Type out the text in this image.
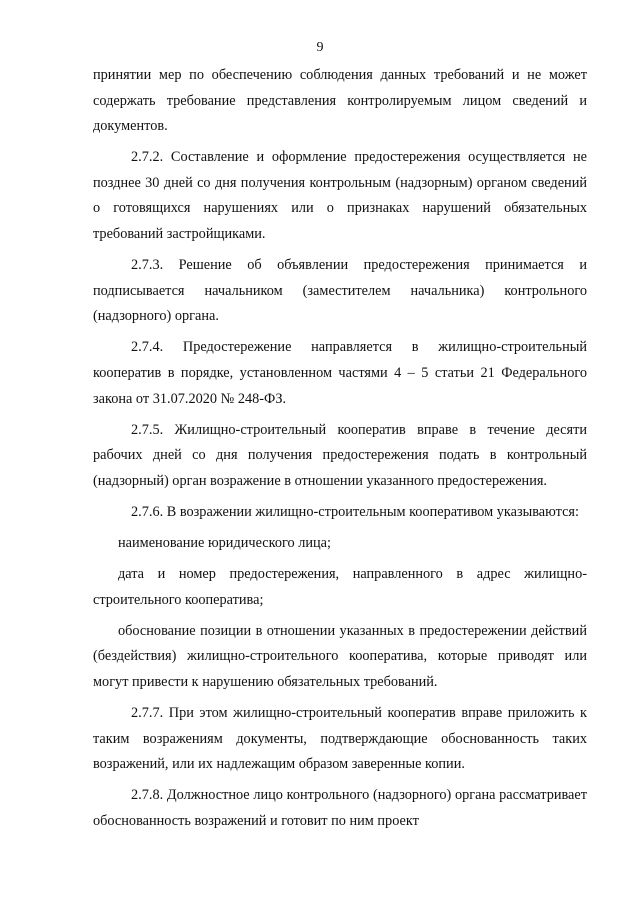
9

принятии мер по обеспечению соблюдения данных требований и не может содержать требование представления контролируемым лицом сведений и документов.

2.7.2. Составление и оформление предостережения осуществляется не позднее 30 дней со дня получения контрольным (надзорным) органом сведений о готовящихся нарушениях или о признаках нарушений обязательных требований застройщиками.

2.7.3. Решение об объявлении предостережения принимается и подписывается начальником (заместителем начальника) контрольного (надзорного) органа.

2.7.4. Предостережение направляется в жилищно-строительный кооператив в порядке, установленном частями 4 – 5 статьи 21 Федерального закона от 31.07.2020 № 248-ФЗ.

2.7.5. Жилищно-строительный кооператив вправе в течение десяти рабочих дней со дня получения предостережения подать в контрольный (надзорный) орган возражение в отношении указанного предостережения.

2.7.6. В возражении жилищно-строительным кооперативом указываются:

наименование юридического лица;

дата и номер предостережения, направленного в адрес жилищно-строительного кооператива;

обоснование позиции в отношении указанных в предостережении действий (бездействия) жилищно-строительного кооператива, которые приводят или могут привести к нарушению обязательных требований.

2.7.7. При этом жилищно-строительный кооператив вправе приложить к таким возражениям документы, подтверждающие обоснованность таких возражений, или их надлежащим образом заверенные копии.

2.7.8. Должностное лицо контрольного (надзорного) органа рассматривает обоснованность возражений и готовит по ним проект
